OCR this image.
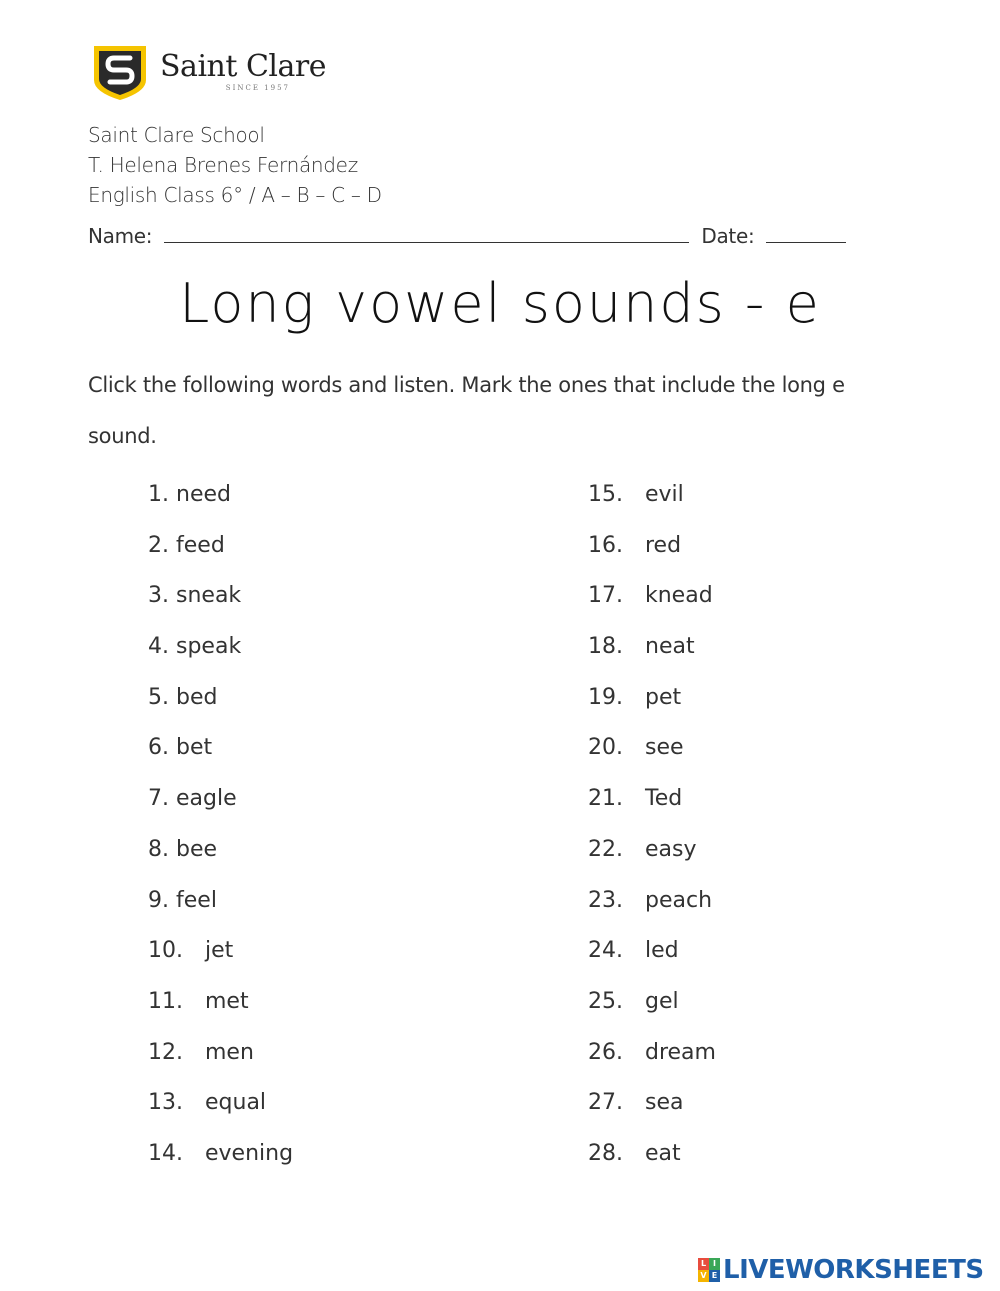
Saint Clare
SINCE 1957
Saint Clare School
T. Helena Brenes Fernández
English Class 6° / A – B – C – D
Name:	Date:
Long vowel sounds - e
Click the following words and listen. Mark the ones that include the long e sound.
1. need
2. feed
3. sneak
4. speak
5. bed
6. bet
7. eagle
8. bee
9. feel
10. jet
11. met
12. men
13. equal
14. evening
15. evil
16. red
17. knead
18. neat
19. pet
20. see
21. Ted
22. easy
23. peach
24. led
25. gel
26. dream
27. sea
28. eat
L I
V E LIVEWORKSHEETS
